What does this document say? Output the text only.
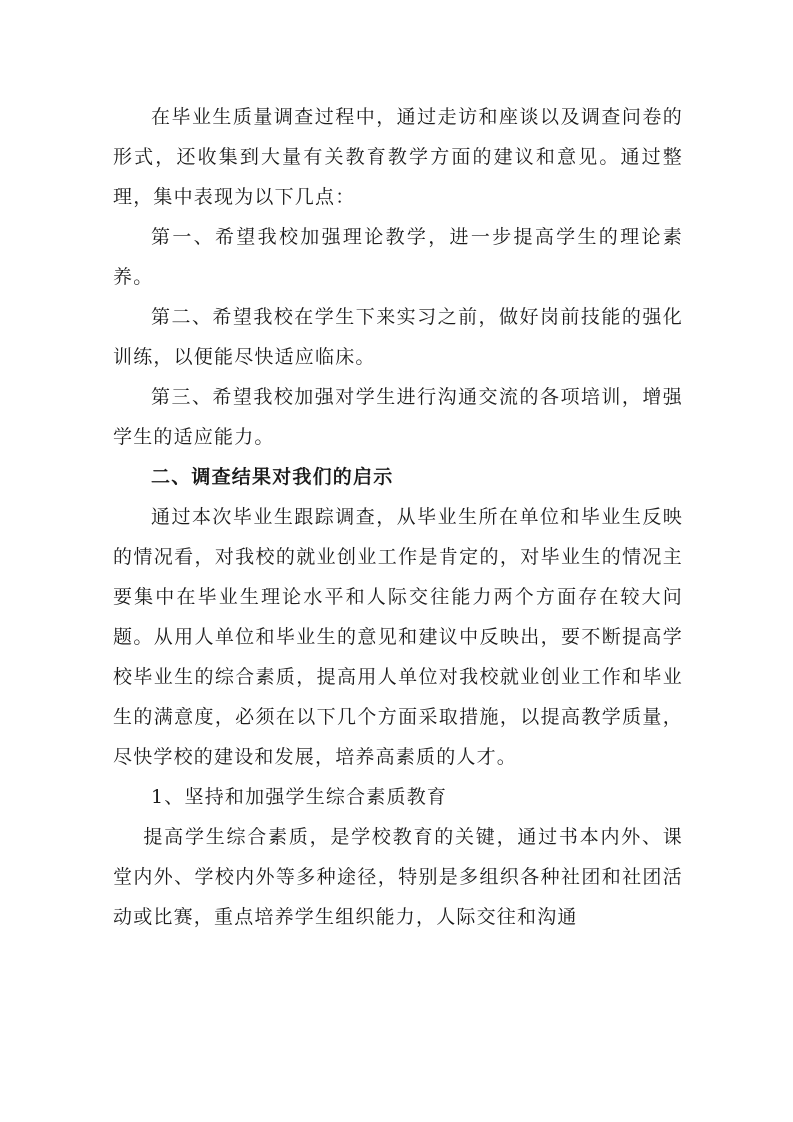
在毕业生质量调查过程中，通过走访和座谈以及调查问卷的形式，还收集到大量有关教育教学方面的建议和意见。通过整理，集中表现为以下几点：

第一、希望我校加强理论教学，进一步提高学生的理论素养。

第二、希望我校在学生下来实习之前，做好岗前技能的强化训练，以便能尽快适应临床。

第三、希望我校加强对学生进行沟通交流的各项培训，增强学生的适应能力。

二、调查结果对我们的启示

通过本次毕业生跟踪调查，从毕业生所在单位和毕业生反映的情况看，对我校的就业创业工作是肯定的，对毕业生的情况主要集中在毕业生理论水平和人际交往能力两个方面存在较大问题。从用人单位和毕业生的意见和建议中反映出，要不断提高学校毕业生的综合素质，提高用人单位对我校就业创业工作和毕业生的满意度，必须在以下几个方面采取措施，以提高教学质量，尽快学校的建设和发展，培养高素质的人才。

1、坚持和加强学生综合素质教育

提高学生综合素质，是学校教育的关键，通过书本内外、课堂内外、学校内外等多种途径，特别是多组织各种社团和社团活动或比赛，重点培养学生组织能力，人际交往和沟通
